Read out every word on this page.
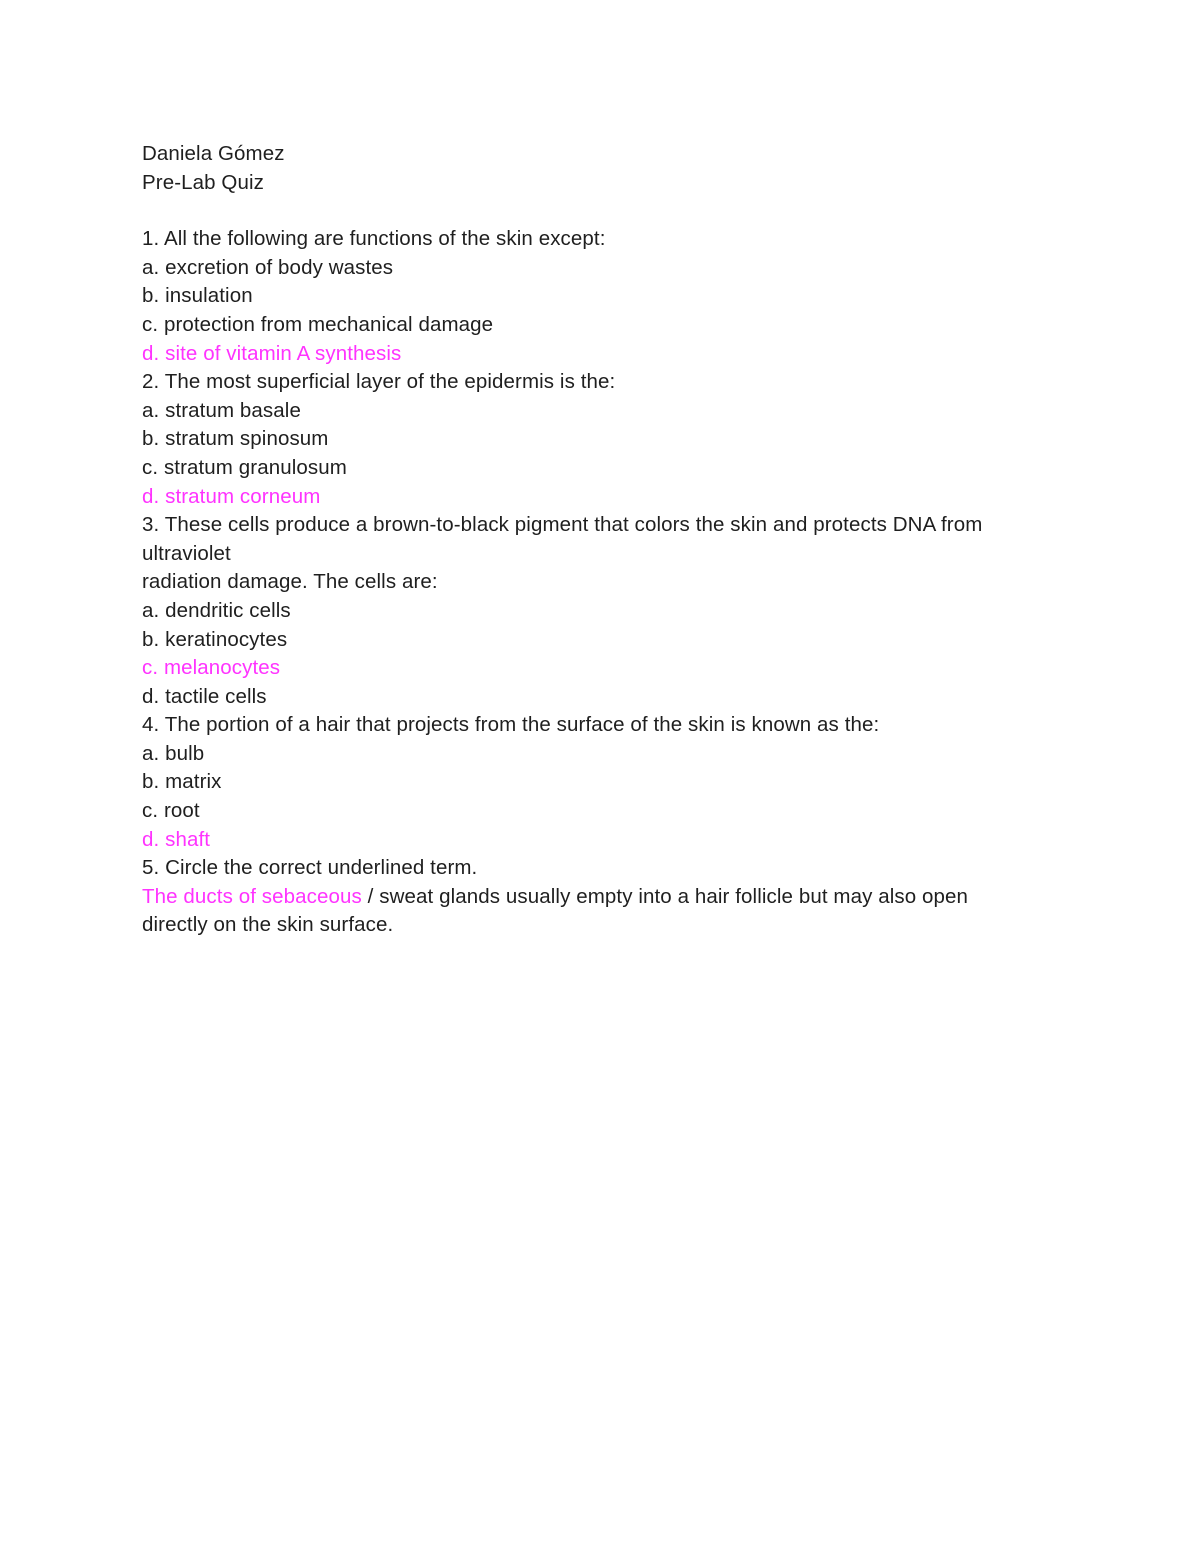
Daniela Gómez
Pre-Lab Quiz
1. All the following are functions of the skin except:
a. excretion of body wastes
b. insulation
c. protection from mechanical damage
d. site of vitamin A synthesis
2. The most superficial layer of the epidermis is the:
a. stratum basale
b. stratum spinosum
c. stratum granulosum
d. stratum corneum
3. These cells produce a brown-to-black pigment that colors the skin and protects DNA from
ultraviolet
radiation damage. The cells are:
a. dendritic cells
b. keratinocytes
c. melanocytes
d. tactile cells
4. The portion of a hair that projects from the surface of the skin is known as the:
a. bulb
b. matrix
c. root
d. shaft
5. Circle the correct underlined term.
The ducts of sebaceous / sweat glands usually empty into a hair follicle but may also open
directly on the skin surface.
